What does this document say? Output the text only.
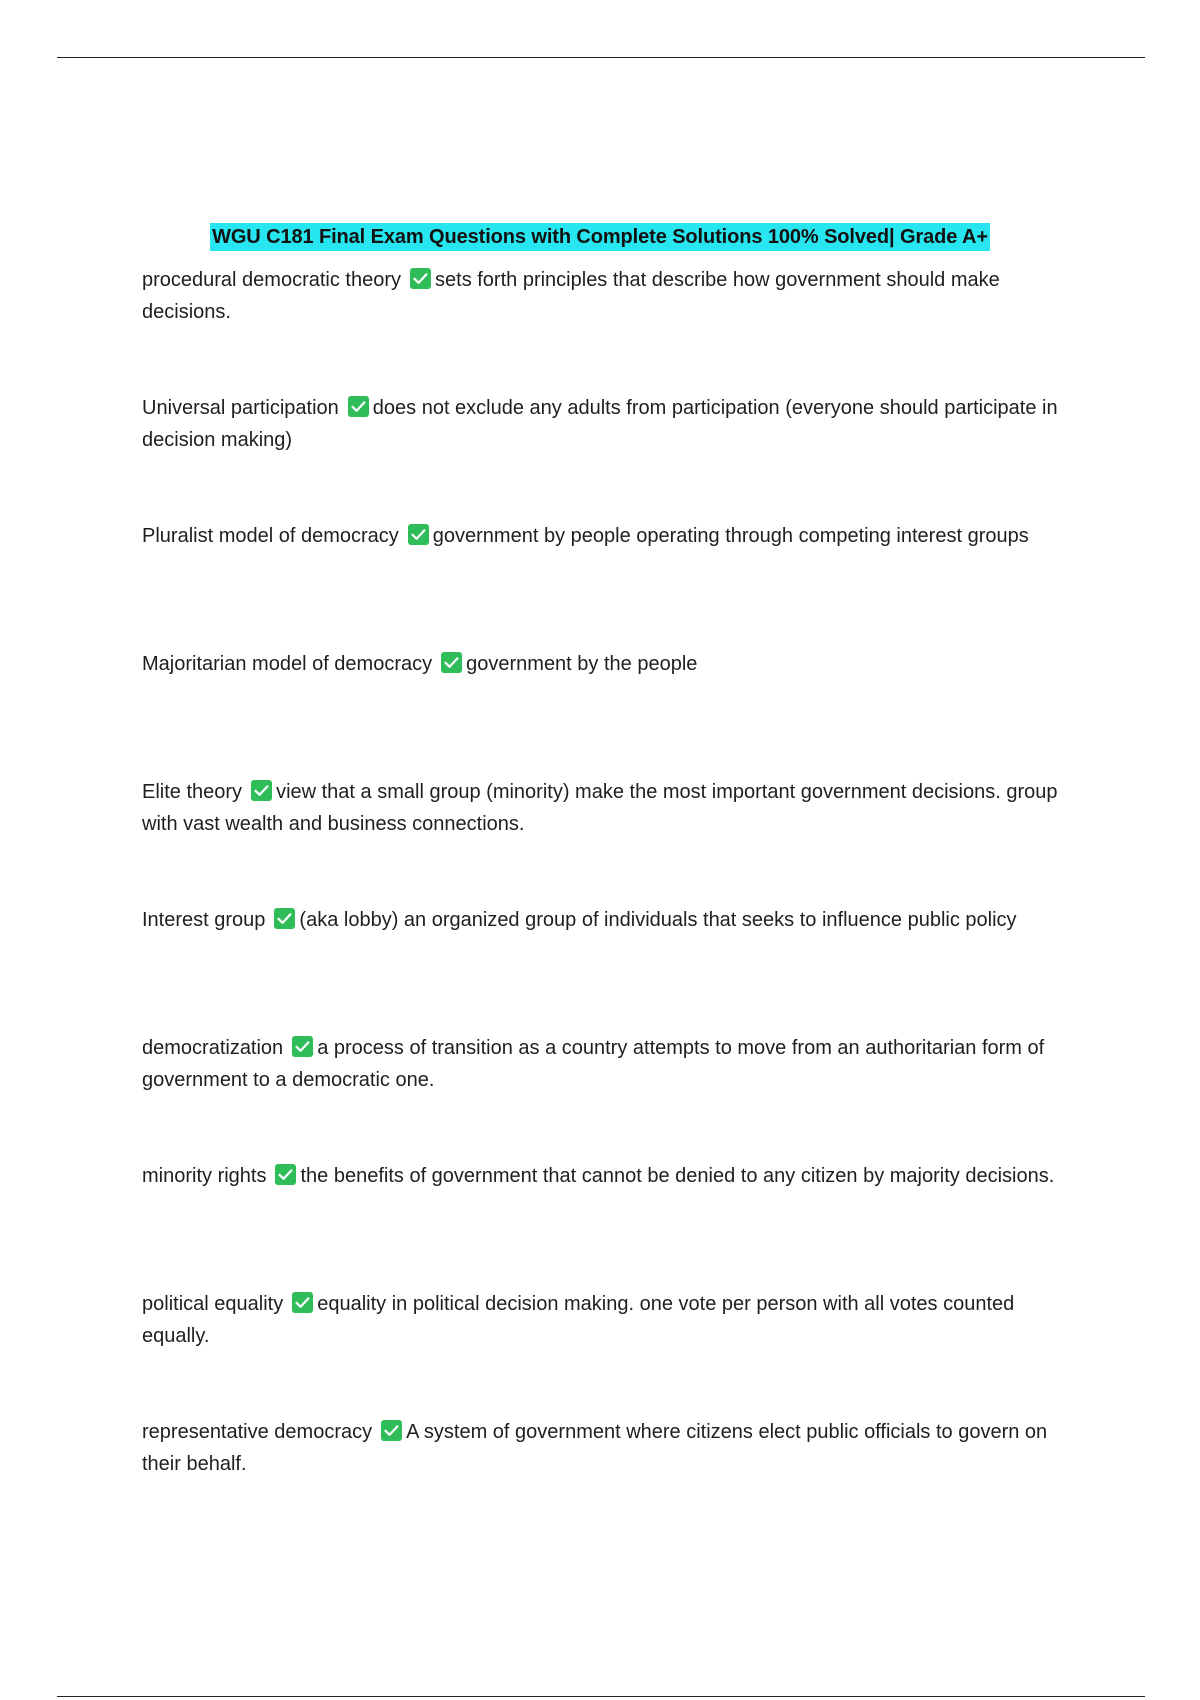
WGU C181 Final Exam Questions with Complete Solutions 100% Solved| Grade A+
procedural democratic theory sets forth principles that describe how government should make decisions.
Universal participation does not exclude any adults from participation (everyone should participate in decision making)
Pluralist model of democracy government by people operating through competing interest groups
Majoritarian model of democracy government by the people
Elite theory view that a small group (minority) make the most important government decisions. group with vast wealth and business connections.
Interest group (aka lobby) an organized group of individuals that seeks to influence public policy
democratization a process of transition as a country attempts to move from an authoritarian form of government to a democratic one.
minority rights the benefits of government that cannot be denied to any citizen by majority decisions.
political equality equality in political decision making. one vote per person with all votes counted equally.
representative democracy A system of government where citizens elect public officials to govern on their behalf.
